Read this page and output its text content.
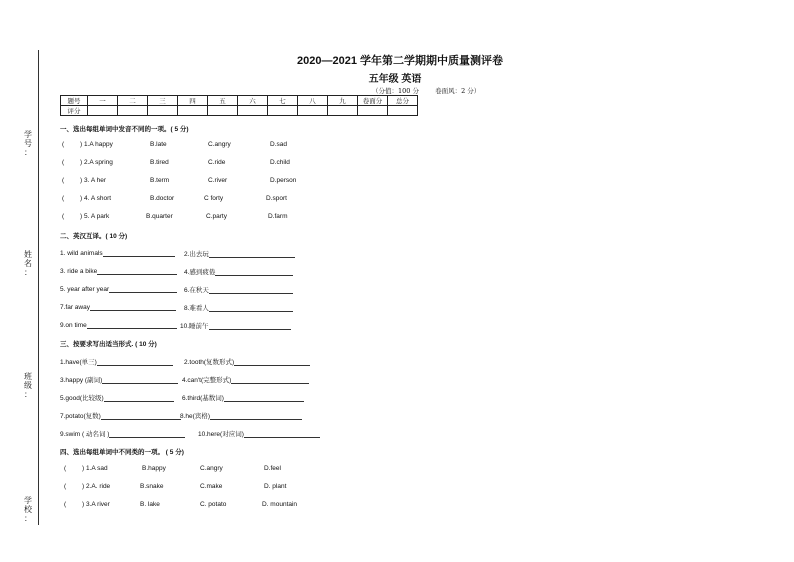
学
号
：
姓
名
：
班
级
：
学
校
：
2020—2021 学年第二学期期中质量测评卷
五年级 英语
（分值：100 分 卷面风：2 分）
题号	一	二	三	四	五	六	七	八	九	卷面分	总分
评分											
一、选出每组单词中发音不同的一项。( 5 分)
( ) 1.A happy	B.late	C.angry	D.sad
( ) 2.A spring	B.tired	C.ride	D.child
( ) 3. A her	B.term	C.river	D.person
( ) 4. A short	B.doctor	C forty	D.sport
( ) 5. A park	B.quarter	C.party	D.farm
二、英汉互译。( 10 分)
1. wild animals	2.出去玩
3. ride a bike	4.感到疲倦
5. year after year	6.在秋天
7.far away	8.难看人
9.on time	10.睡前午
三、按要求写出适当形式. ( 10 分)
1.have(单三)	2.tooth(复数形式)
3.happy (副词)	4.can't(完整形式)
5.good(比较级)	6.third(基数词)
7.potato(复数)	8.he(宾格)
9.swim ( 动名词 )	10.here(对应词)
四、选出每组单词中不同类的一项。 ( 5 分)
( ) 1.A sad	B.happy	C.angry	D.feel
( ) 2.A. ride	B.snake	C.make	D. plant
( ) 3.A river	B. lake	C. potato	D. mountain
